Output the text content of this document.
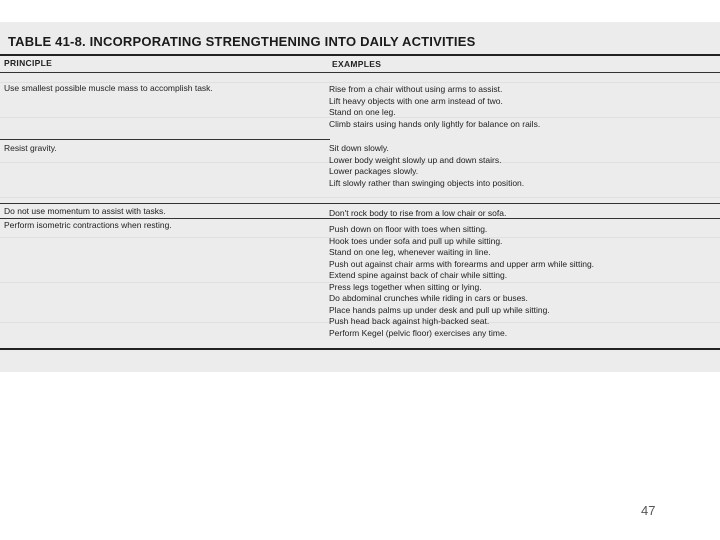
TABLE 41-8. INCORPORATING STRENGTHENING INTO DAILY ACTIVITIES
PRINCIPLE	EXAMPLES
Use smallest possible muscle mass to accomplish task.	Rise from a chair without using arms to assist.
Lift heavy objects with one arm instead of two.
Stand on one leg.
Climb stairs using hands only lightly for balance on rails.
Resist gravity.	Sit down slowly.
Lower body weight slowly up and down stairs.
Lower packages slowly.
Lift slowly rather than swinging objects into position.
Do not use momentum to assist with tasks.	Don't rock body to rise from a low chair or sofa.
Perform isometric contractions when resting.	Push down on floor with toes when sitting.
Hook toes under sofa and pull up while sitting.
Stand on one leg, whenever waiting in line.
Push out against chair arms with forearms and upper arm while sitting.
Extend spine against back of chair while sitting.
Press legs together when sitting or lying.
Do abdominal crunches while riding in cars or buses.
Place hands palms up under desk and pull up while sitting.
Push head back against high-backed seat.
Perform Kegel (pelvic floor) exercises any time.
47
